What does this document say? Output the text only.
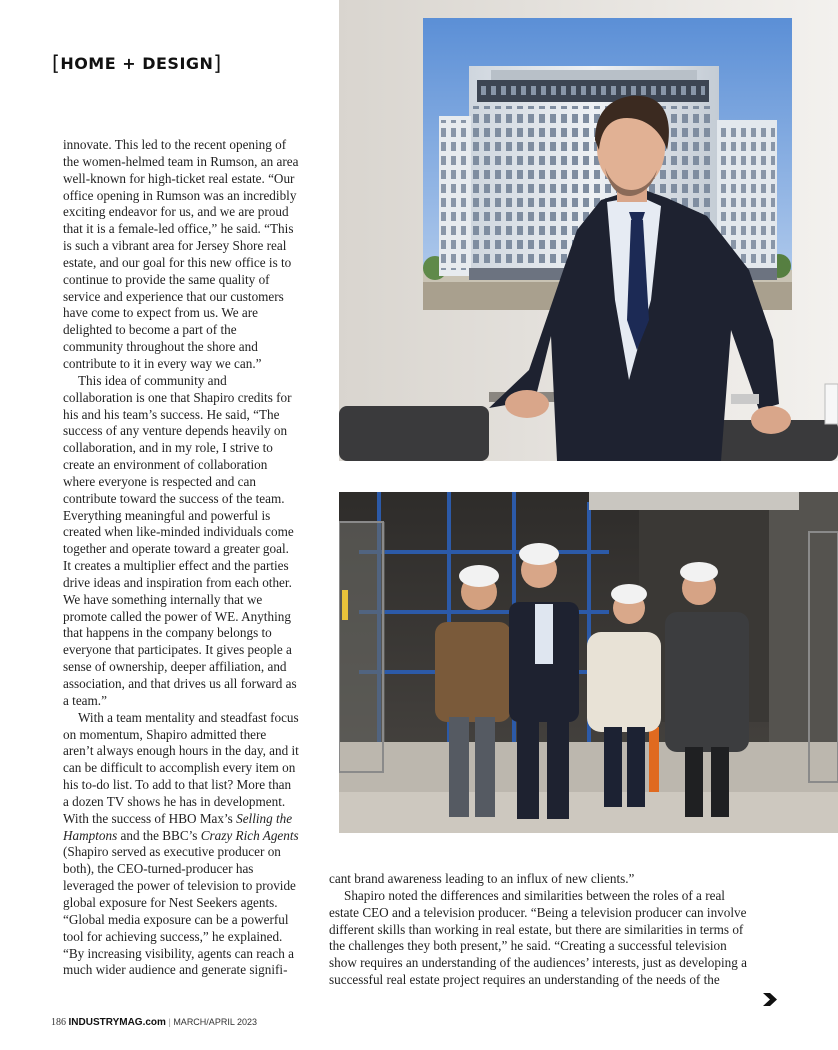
[HOME + DESIGN]

innovate. This led to the recent opening of the women-helmed team in Rumson, an area well-known for high-ticket real estate. “Our office opening in Rumson was an incredibly exciting endeavor for us, and we are proud that it is a female-led office,” he said. “This is such a vibrant area for Jersey Shore real estate, and our goal for this new office is to continue to provide the same quality of service and experience that our customers have come to expect from us. We are delighted to become a part of the community throughout the shore and contribute to it in every way we can.”

This idea of community and collaboration is one that Shapiro credits for his and his team’s success. He said, “The success of any venture depends heavily on collaboration, and in my role, I strive to create an environment of collaboration where everyone is respected and can contribute toward the success of the team. Everything meaningful and powerful is created when like-minded individuals come together and operate toward a greater goal. It creates a multiplier effect and the parties drive ideas and inspiration from each other. We have something internally that we promote called the power of WE. Anything that happens in the company belongs to everyone that participates. It gives people a sense of ownership, deeper affiliation, and association, and that drives us all forward as a team.”

With a team mentality and steadfast focus on momentum, Shapiro admitted there aren’t always enough hours in the day, and it can be difficult to accomplish every item on his to-do list. To add to that list? More than a dozen TV shows he has in development. With the success of HBO Max’s Selling the Hamptons and the BBC’s Crazy Rich Agents (Shapiro served as executive producer on both), the CEO-turned-producer has leveraged the power of television to provide global exposure for Nest Seekers agents. “Global media exposure can be a powerful tool for achieving success,” he explained. “By increasing visibility, agents can reach a much wider audience and generate signifi-

cant brand awareness leading to an influx of new clients.”

Shapiro noted the differences and similarities between the roles of a real estate CEO and a television producer. “Being a television producer can involve different skills than working in real estate, but there are similarities in terms of the challenges they both present,” he said. “Creating a successful television show requires an understanding of the audiences’ interests, just as developing a successful real estate project requires an understanding of the needs of the

186 INDUSTRYMAG.com | MARCH/APRIL 2023
